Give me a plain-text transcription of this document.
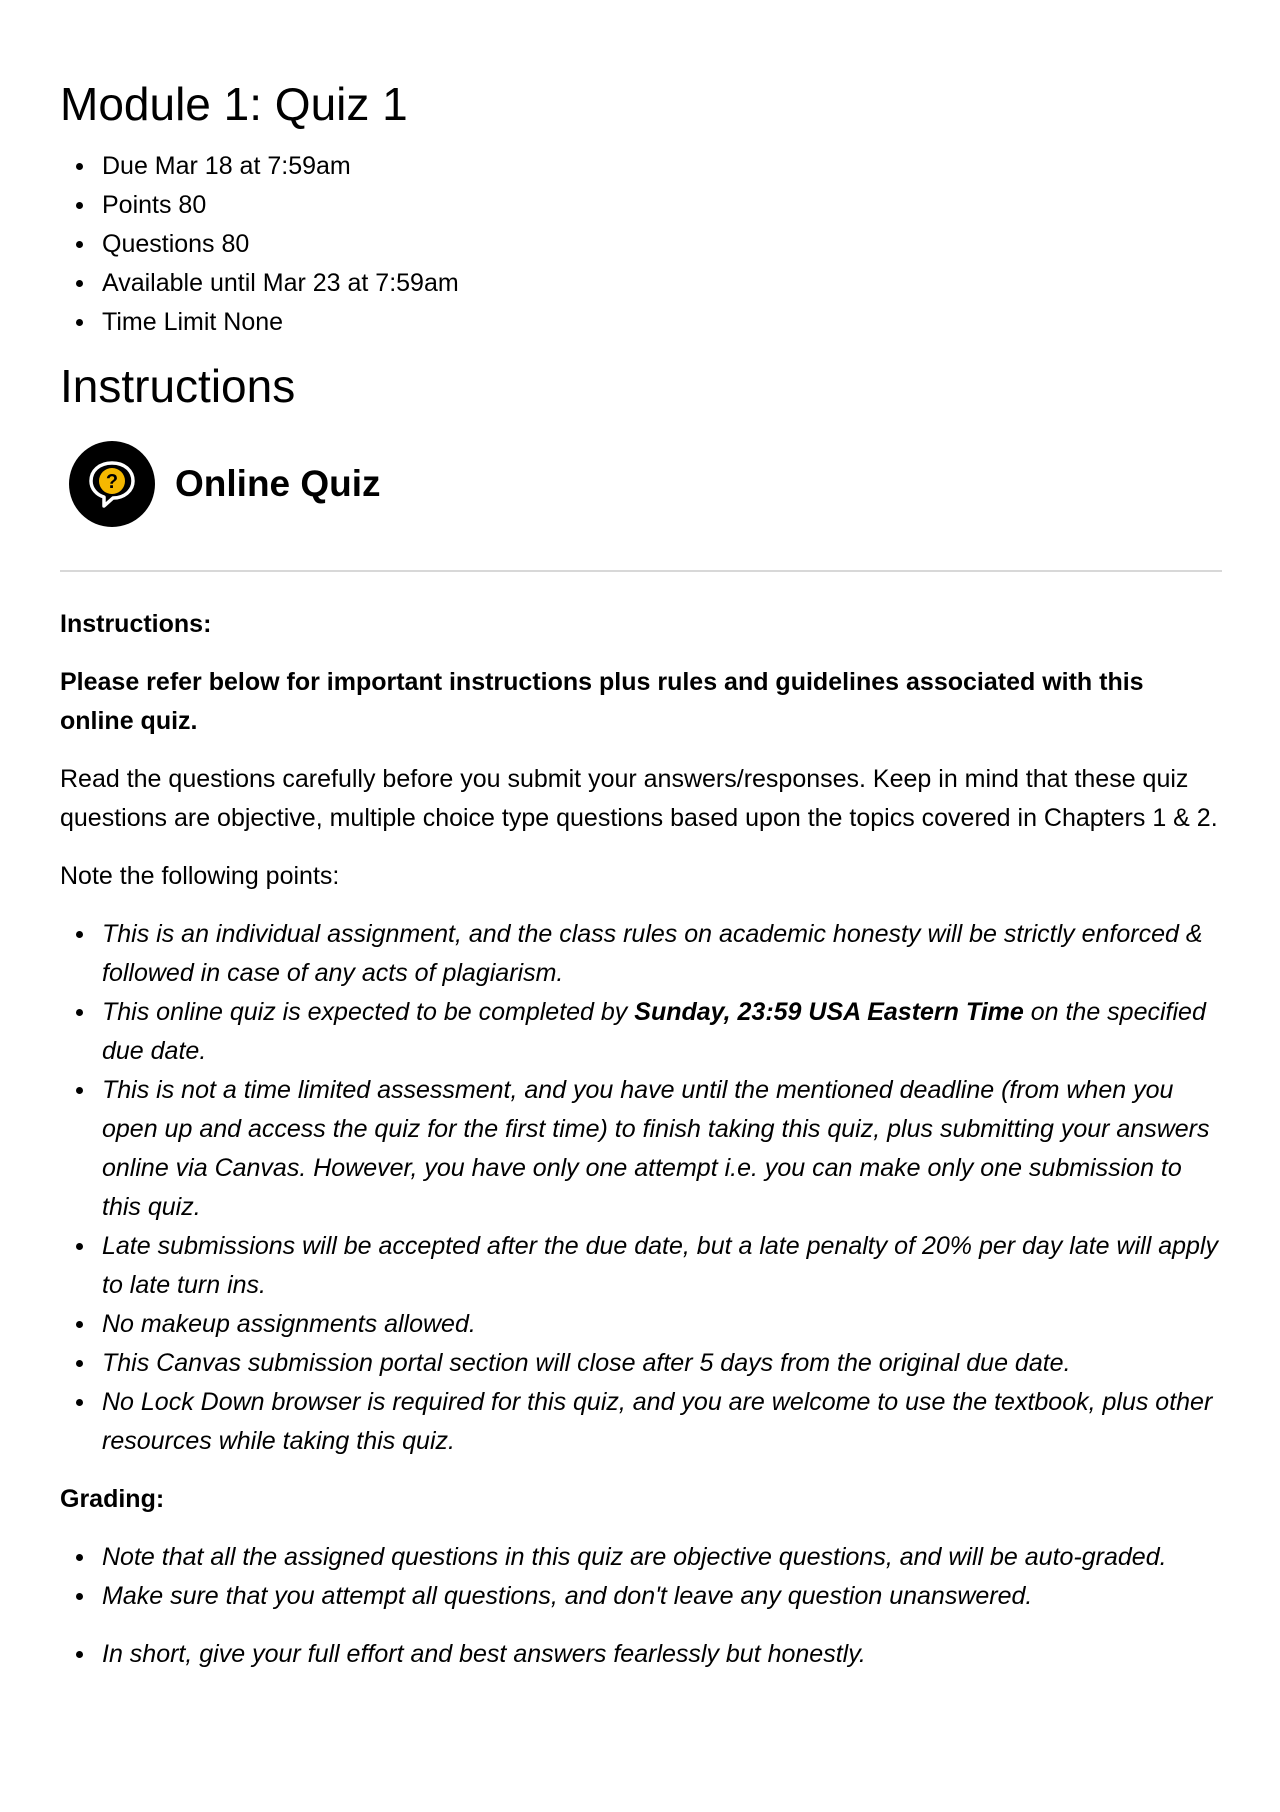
Module 1: Quiz 1
Due Mar 18 at 7:59am
Points 80
Questions 80
Available until Mar 23 at 7:59am
Time Limit None
Instructions
? Online Quiz

Instructions:

Please refer below for important instructions plus rules and guidelines associated with this online quiz.

Read the questions carefully before you submit your answers/responses. Keep in mind that these quiz questions are objective, multiple choice type questions based upon the topics covered in Chapters 1 & 2.

Note the following points:

This is an individual assignment, and the class rules on academic honesty will be strictly enforced & followed in case of any acts of plagiarism.
This online quiz is expected to be completed by Sunday, 23:59 USA Eastern Time on the specified due date.
This is not a time limited assessment, and you have until the mentioned deadline (from when you open up and access the quiz for the first time) to finish taking this quiz, plus submitting your answers online via Canvas. However, you have only one attempt i.e. you can make only one submission to this quiz.
Late submissions will be accepted after the due date, but a late penalty of 20% per day late will apply to late turn ins.
No makeup assignments allowed.
This Canvas submission portal section will close after 5 days from the original due date.
No Lock Down browser is required for this quiz, and you are welcome to use the textbook, plus other resources while taking this quiz.

Grading:

Note that all the assigned questions in this quiz are objective questions, and will be auto-graded.
Make sure that you attempt all questions, and don't leave any question unanswered.
In short, give your full effort and best answers fearlessly but honestly.
